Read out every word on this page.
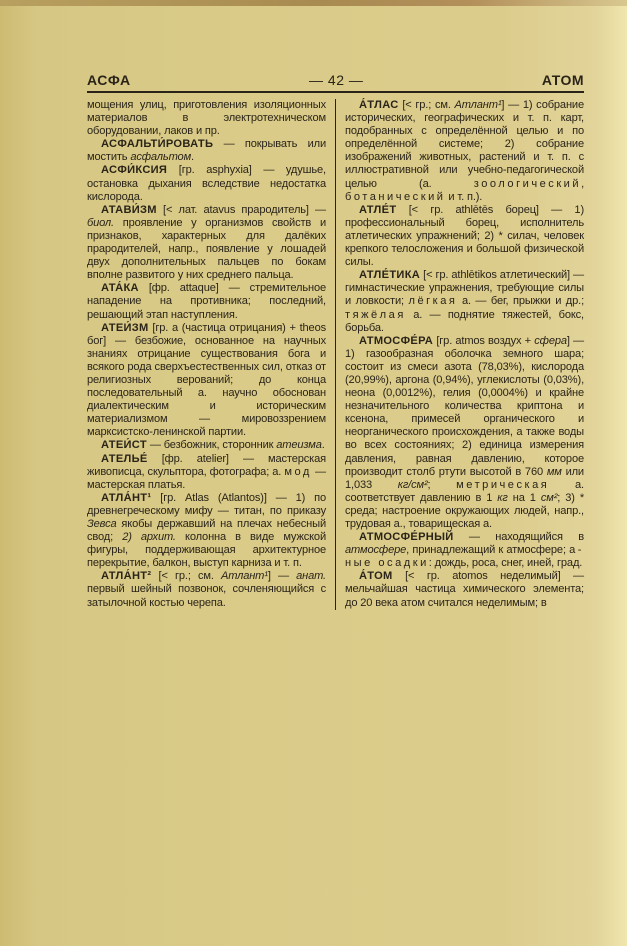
АСФА	— 42 —	АТОМ

мощения улиц, приготовления изоляционных материалов в электротехническом оборудовании, лаков и пр.

АСФАЛЬТИ́РОВАТЬ — покрывать или мостить асфальтом.

АСФИ́КСИЯ [гр. asphyxia] — удушье, остановка дыхания вследствие недостатка кислорода.

АТАВИ́ЗМ [< лат. atavus прародитель] — биол. проявление у организмов свойств и признаков, характерных для далёких прародителей, напр., появление у лошадей двух дополнительных пальцев по бокам вполне развитого у них среднего пальца.

АТА́КА [фр. attaque] — стремительное нападение на противника; последний, решающий этап наступления.

АТЕИ́ЗМ [гр. a (частица отрицания) + theos бог] — безбожие, основанное на научных знаниях отрицание существования бога и всякого рода сверхъестественных сил, отказ от религиозных верований; до конца последовательный а. научно обоснован диалектическим и историческим материализмом — мировоззрением марксистско-ленинской партии.

АТЕИ́СТ — безбожник, сторонник атеизма.

АТЕЛЬЕ́ [фр. atelier] — мастерская живописца, скульптора, фотографа; а. мод — мастерская платья.

АТЛА́НТ¹ [гр. Atlas (Atlantos)] — 1) по древнегреческому мифу — титан, по приказу Зевса якобы державший на плечах небесный свод; 2) архит. колонна в виде мужской фигуры, поддерживающая архитектурное перекрытие, балкон, выступ карниза и т. п.

АТЛА́НТ² [< гр.; см. Атлант¹] — анат. первый шейный позвонок, сочленяющийся с затылочной костью черепа.

А́ТЛАС [< гр.; см. Атлант¹] — 1) собрание исторических, географических и т. п. карт, подобранных с определённой целью и по определённой системе; 2) собрание изображений животных, растений и т. п. с иллюстративной или учебно-педагогической целью (а. зоологический, ботанический и т. п.).

АТЛЕ́Т [< гр. athlētēs борец] — 1) профессиональный борец, исполнитель атлетических упражнений; 2) * силач, человек крепкого телосложения и большой физической силы.

АТЛЕ́ТИКА [< гр. athlētikos атлетический] — гимнастические упражнения, требующие силы и ловкости; лёгкая а. — бег, прыжки и др.; тяжёлая а. — поднятие тяжестей, бокс, борьба.

АТМОСФЕ́РА [гр. atmos воздух + сфера] — 1) газообразная оболочка земного шара; состоит из смеси азота (78,03%), кислорода (20,99%), аргона (0,94%), углекислоты (0,03%), неона (0,0012%), гелия (0,0004%) и крайне незначительного количества криптона и ксенона, примесей органического и неорганического происхождения, а также воды во всех состояниях; 2) единица измерения давления, равная давлению, которое производит столб ртути высотой в 760 мм или 1,033 кг/см²; метрическая а. соответствует давлению в 1 кг на 1 см²; 3) * среда; настроение окружающих людей, напр., трудовая а., товарищеская а.

АТМОСФЕ́РНЫЙ — находящийся в атмосфере, принадлежащий к атмосфере; а-ные осадки: дождь, роса, снег, иней, град.

А́ТОМ [< гр. atomos неделимый] — мельчайшая частица химического элемента; до 20 века атом считался неделимым; в
